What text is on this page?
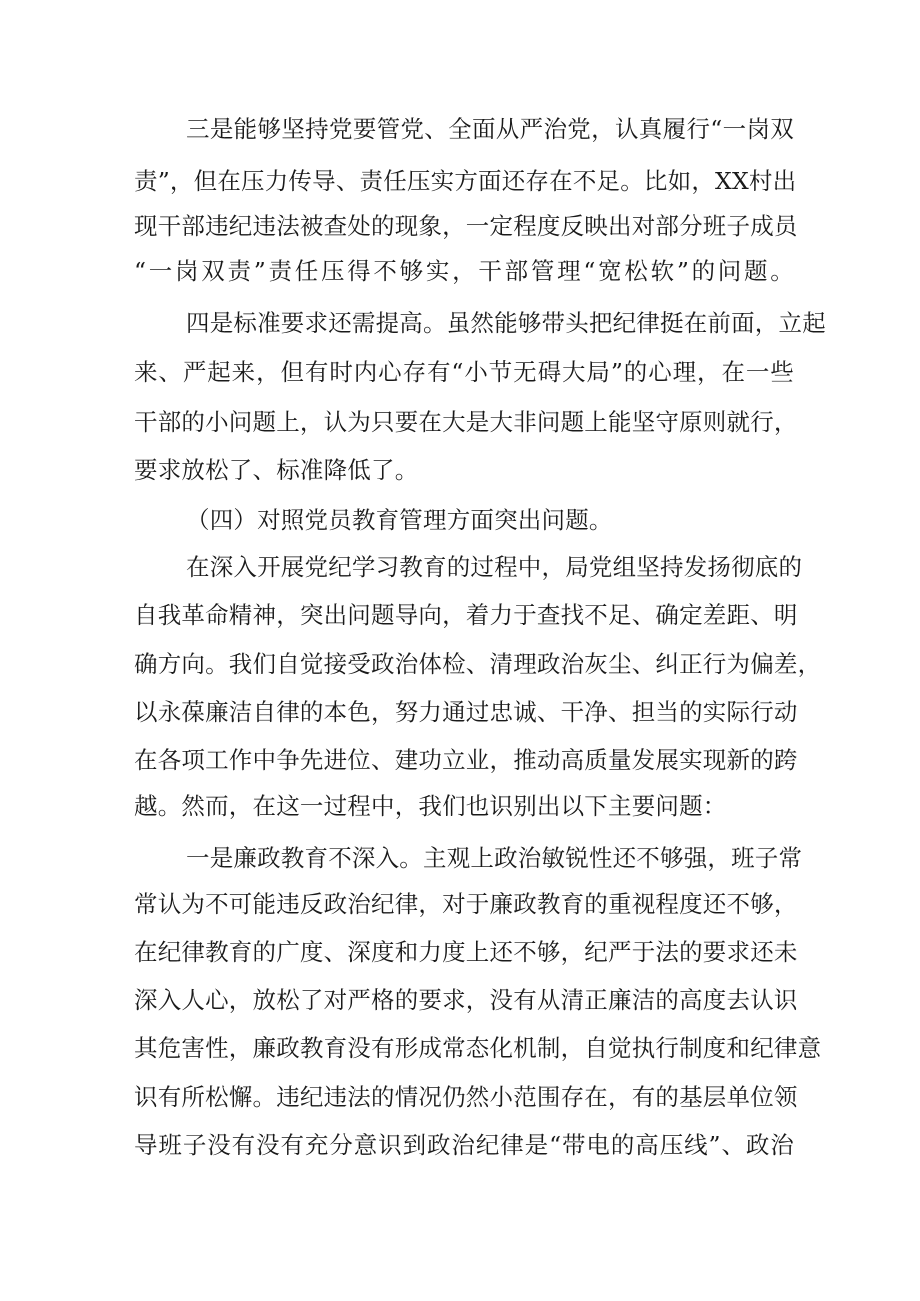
三是能够坚持党要管党、全面从严治党，认真履行“一岗双
责”，但在压力传导、责任压实方面还存在不足。比如，XX村出
现干部违纪违法被查处的现象，一定程度反映出对部分班子成员
“一岗双责”责任压得不够实，干部管理“宽松软”的问题。
四是标准要求还需提高。虽然能够带头把纪律挺在前面，立起
来、严起来，但有时内心存有“小节无碍大局”的心理，在一些
干部的小问题上，认为只要在大是大非问题上能坚守原则就行，
要求放松了、标准降低了。
（四）对照党员教育管理方面突出问题。
在深入开展党纪学习教育的过程中，局党组坚持发扬彻底的
自我革命精神，突出问题导向，着力于查找不足、确定差距、明
确方向。我们自觉接受政治体检、清理政治灰尘、纠正行为偏差，
以永葆廉洁自律的本色，努力通过忠诚、干净、担当的实际行动
在各项工作中争先进位、建功立业，推动高质量发展实现新的跨
越。然而，在这一过程中，我们也识别出以下主要问题：
一是廉政教育不深入。主观上政治敏锐性还不够强，班子常
常认为不可能违反政治纪律，对于廉政教育的重视程度还不够，
在纪律教育的广度、深度和力度上还不够，纪严于法的要求还未
深入人心，放松了对严格的要求，没有从清正廉洁的高度去认识
其危害性，廉政教育没有形成常态化机制，自觉执行制度和纪律意
识有所松懈。违纪违法的情况仍然小范围存在，有的基层单位领
导班子没有没有充分意识到政治纪律是“带电的高压线”、政治
